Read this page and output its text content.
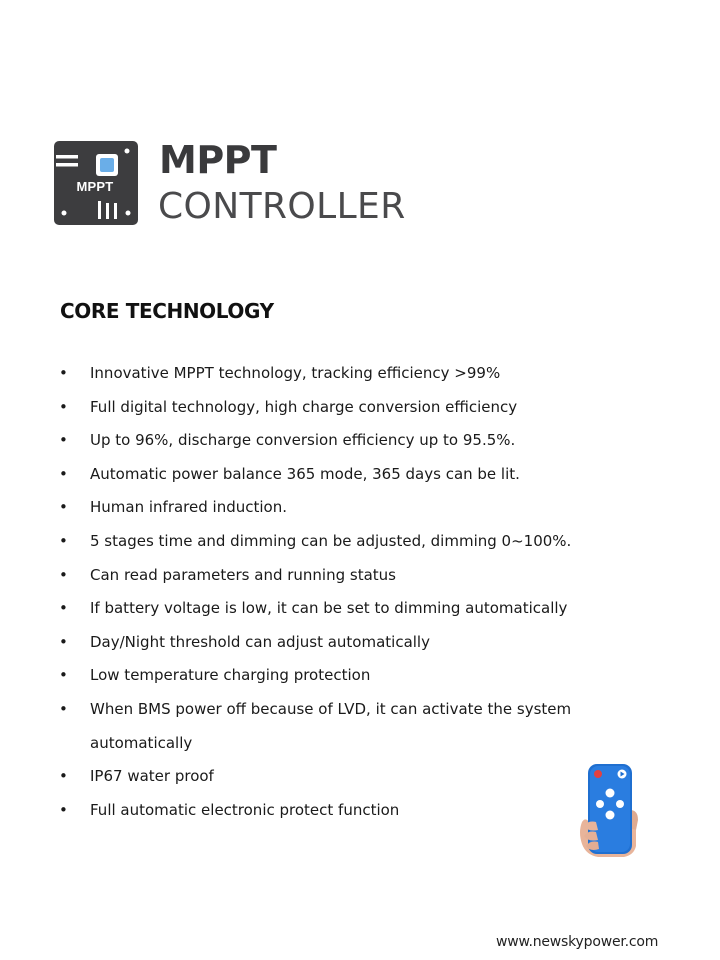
MPPT
MPPT
CONTROLLER
CORE TECHNOLOGY
• Innovative MPPT technology, tracking efficiency >99%
• Full digital technology, high charge conversion efficiency
• Up to 96%, discharge conversion efficiency up to 95.5%.
• Automatic power balance 365 mode, 365 days can be lit.
• Human infrared induction.
• 5 stages time and dimming can be adjusted, dimming 0~100%.
• Can read parameters and running status
• If battery voltage is low, it can be set to dimming automatically
• Day/Night threshold can adjust automatically
• Low temperature charging protection
• When BMS power off because of LVD, it can activate the system automatically
• IP67 water proof
• Full automatic electronic protect function
www.newskypower.com
